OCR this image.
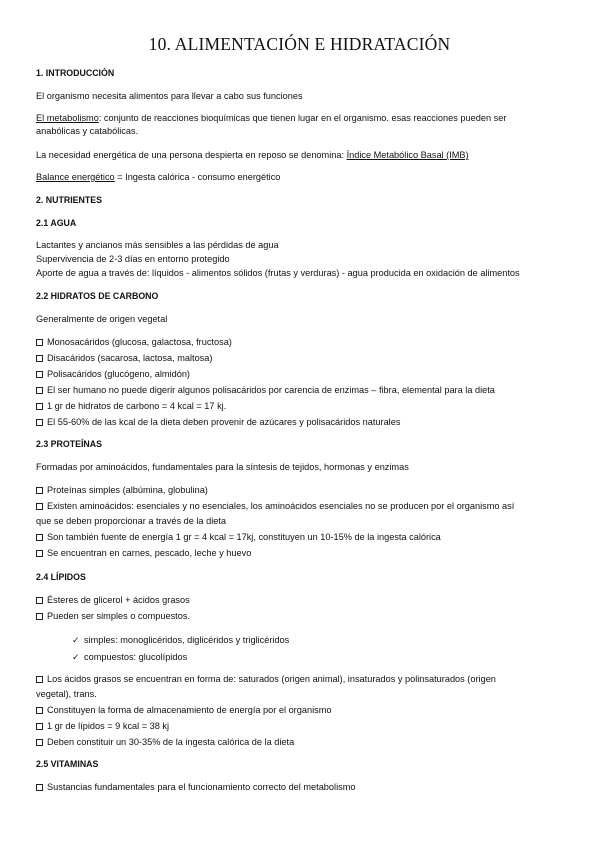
10. ALIMENTACIÓN E HIDRATACIÓN
1. INTRODUCCIÓN
El organismo necesita alimentos para llevar a cabo sus funciones
El metabolismo: conjunto de reacciones bioquímicas que tienen lugar en el organismo. esas reacciones pueden ser
anabólicas y catabólicas.
La necesidad energética de una persona despierta en reposo se denomina: Índice Metabólico Basal (IMB)
Balance energético = Ingesta calórica - consumo energético
2. NUTRIENTES
2.1 AGUA
Lactantes y ancianos más sensibles a las pérdidas de agua
Supervivencia de 2-3 días en entorno protegido
Aporte de agua a través de: líquidos - alimentos sólidos (frutas y verduras) - agua producida en oxidación de alimentos
2.2 HIDRATOS DE CARBONO
Generalmente de origen vegetal
Monosacáridos (glucosa, galactosa, fructosa)
Disacáridos (sacarosa, lactosa, maltosa)
Polisacáridos (glucógeno, almidón)
El ser humano no puede digerir algunos polisacáridos por carencia de enzimas – fibra, elemental para la dieta
1 gr de hidratos de carbono = 4 kcal = 17 kj.
El 55-60% de las kcal de la dieta deben provenir de azúcares y polisacáridos naturales
2.3 PROTEÍNAS
Formadas por aminoácidos, fundamentales para la síntesis de tejidos, hormonas y enzimas
Proteínas simples (albúmina, globulina)
Existen aminoácidos: esenciales y no esenciales, los aminoácidos esenciales no se producen por el organismo así
que se deben proporcionar a través de la dieta
Son también fuente de energía 1 gr = 4 kcal = 17kj, constituyen un 10-15% de la ingesta calórica
Se encuentran en carnes, pescado, leche y huevo
2.4 LÍPIDOS
Ésteres de glicerol + ácidos grasos
Pueden ser simples o compuestos.
✓ simples: monoglicéridos, diglicéridos y triglicéridos
✓ compuestos: glucolípidos
Los ácidos grasos se encuentran en forma de: saturados (origen animal), insaturados y polinsaturados (origen
vegetal), trans.
Constituyen la forma de almacenamiento de energía por el organismo
1 gr de lípidos = 9 kcal = 38 kj
Deben constituir un 30-35% de la ingesta calórica de la dieta
2.5 VITAMINAS
Sustancias fundamentales para el funcionamiento correcto del metabolismo
